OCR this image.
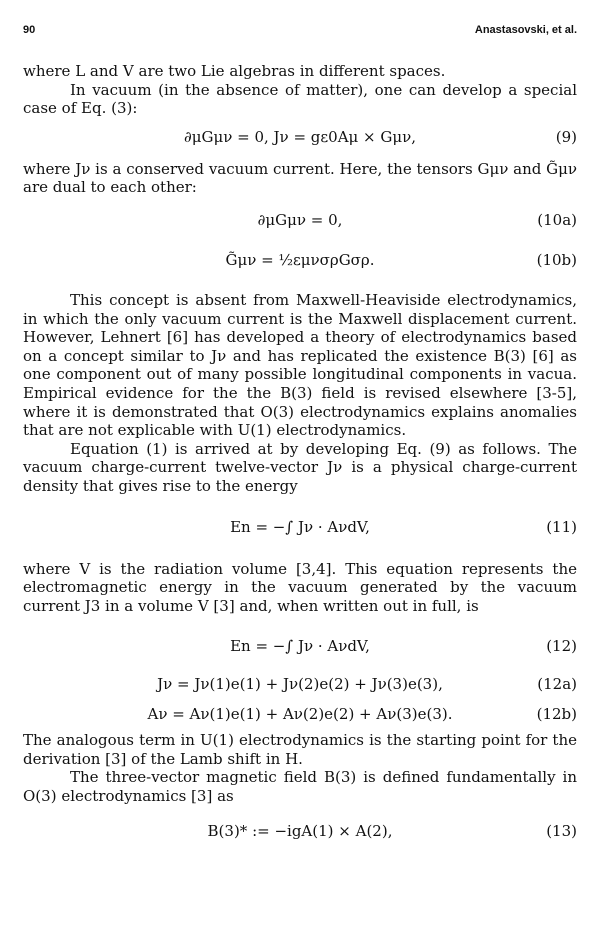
90	Anastasovski, et al.

where L and V are two Lie algebras in different spaces.

In vacuum (in the absence of matter), one can develop a special case of Eq. (3):

∂μGμν = 0, Jν = gε0Aμ × Gμν,	(9)

where Jν is a conserved vacuum current. Here, the tensors Gμν and G̃μν are dual to each other:

∂μGμν = 0,	(10a)
G̃μν = ½εμνσρGσρ.	(10b)

This concept is absent from Maxwell-Heaviside electrodynamics, in which the only vacuum current is the Maxwell displacement current. However, Lehnert [6] has developed a theory of electrodynamics based on a concept similar to Jν and has replicated the existence B(3) [6] as one component out of many possible longitudinal components in vacua. Empirical evidence for the the B(3) field is revised elsewhere [3-5], where it is demonstrated that O(3) electrodynamics explains anomalies that are not explicable with U(1) electrodynamics.

Equation (1) is arrived at by developing Eq. (9) as follows. The vacuum charge-current twelve-vector Jν is a physical charge-current density that gives rise to the energy

En = −∫ Jν · AνdV,	(11)

where V is the radiation volume [3,4]. This equation represents the electromagnetic energy in the vacuum generated by the vacuum current J3 in a volume V [3] and, when written out in full, is

En = −∫ Jν · AνdV,	(12)
Jν = Jν(1)e(1) + Jν(2)e(2) + Jν(3)e(3),	(12a)
Aν = Aν(1)e(1) + Aν(2)e(2) + Aν(3)e(3).	(12b)

The analogous term in U(1) electrodynamics is the starting point for the derivation [3] of the Lamb shift in H.

The three-vector magnetic field B(3) is defined fundamentally in O(3) electrodynamics [3] as

B(3)* := −igA(1) × A(2),	(13)
